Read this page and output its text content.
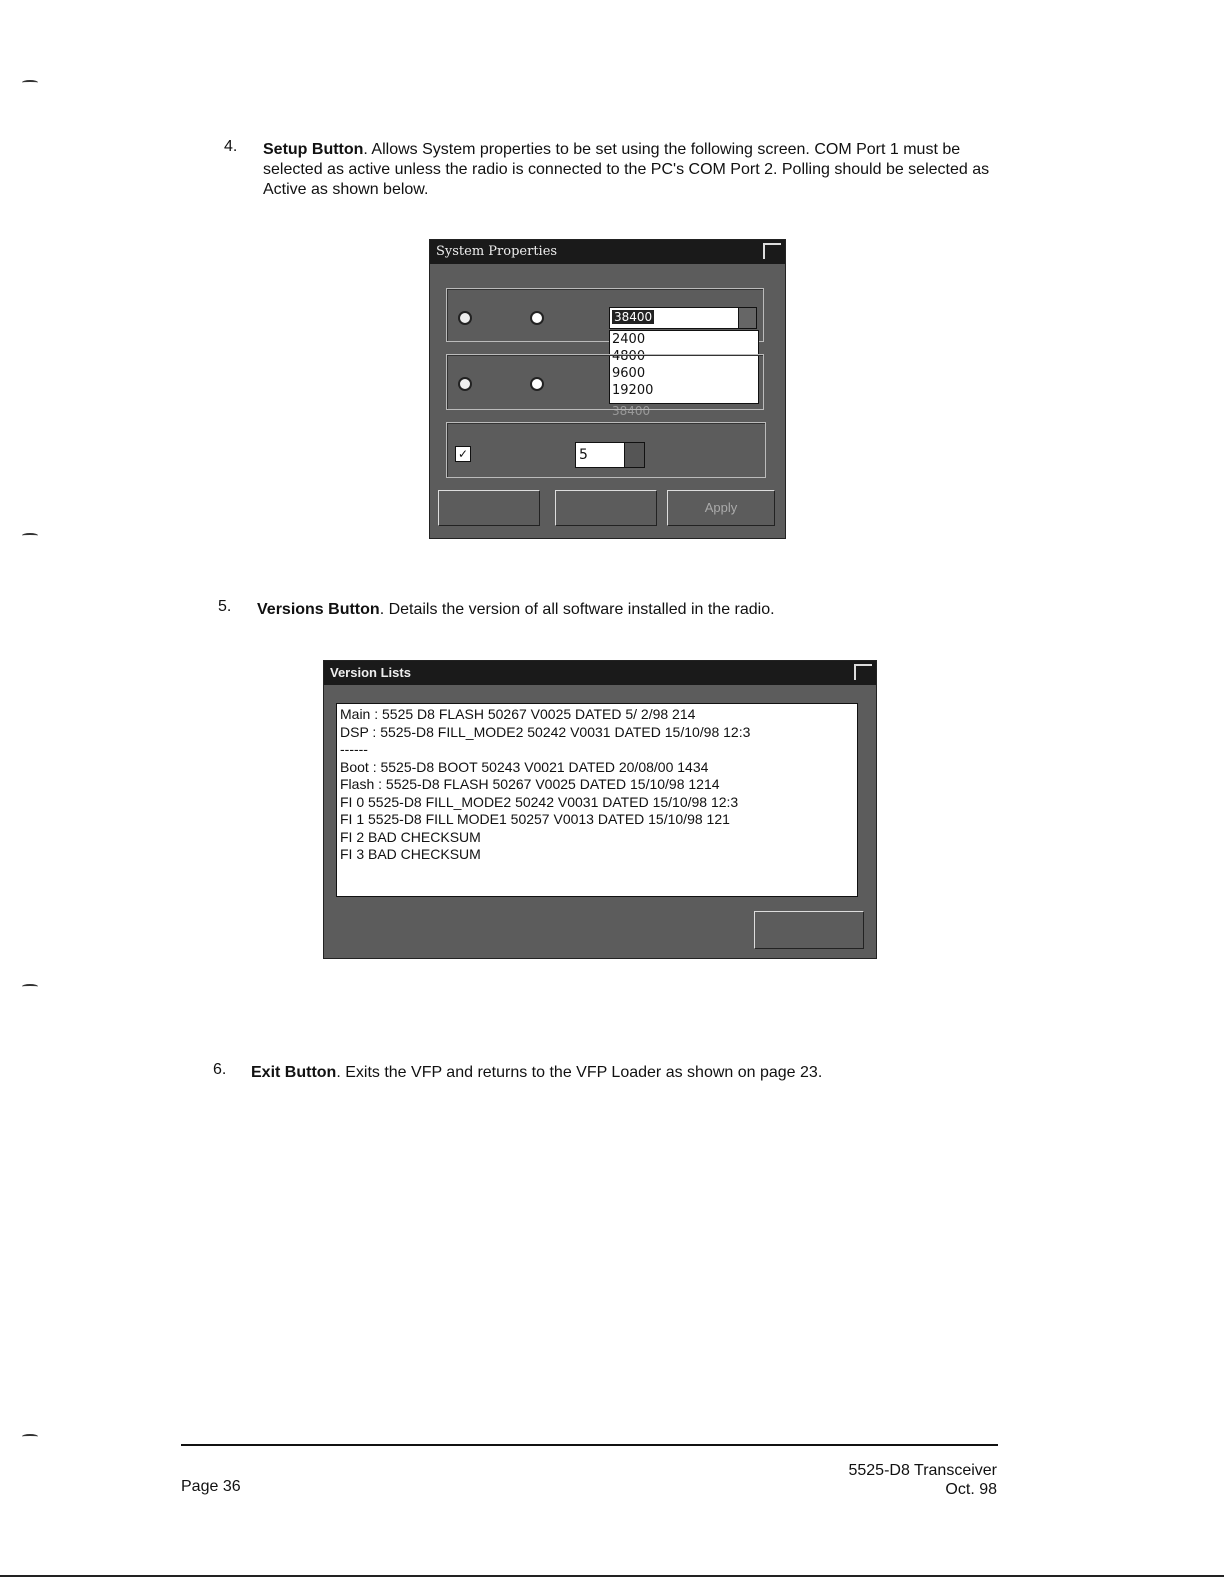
4. Setup Button. Allows System properties to be set using the following screen. COM Port 1 must be selected as active unless the radio is connected to the PC's COM Port 2. Polling should be selected as Active as shown below.
System Properties
38400
2400
4800
9600
19200
38400
✓	5
Apply
5. Versions Button. Details the version of all software installed in the radio.
Version Lists
Main : 5525 D8 FLASH 50267 V0025 DATED 5/ 2/98 214
DSP : 5525-D8 FILL_MODE2 50242 V0031 DATED 15/10/98 12:3
------
Boot : 5525-D8 BOOT 50243 V0021 DATED 20/08/00 1434
Flash : 5525-D8 FLASH 50267 V0025 DATED 15/10/98 1214
FI 0 5525-D8 FILL_MODE2 50242 V0031 DATED 15/10/98 12:3
FI 1 5525-D8 FILL MODE1 50257 V0013 DATED 15/10/98 121
FI 2 BAD CHECKSUM
FI 3 BAD CHECKSUM
6. Exit Button. Exits the VFP and returns to the VFP Loader as shown on page 23.
Page 36
5525-D8 Transceiver
Oct. 98
